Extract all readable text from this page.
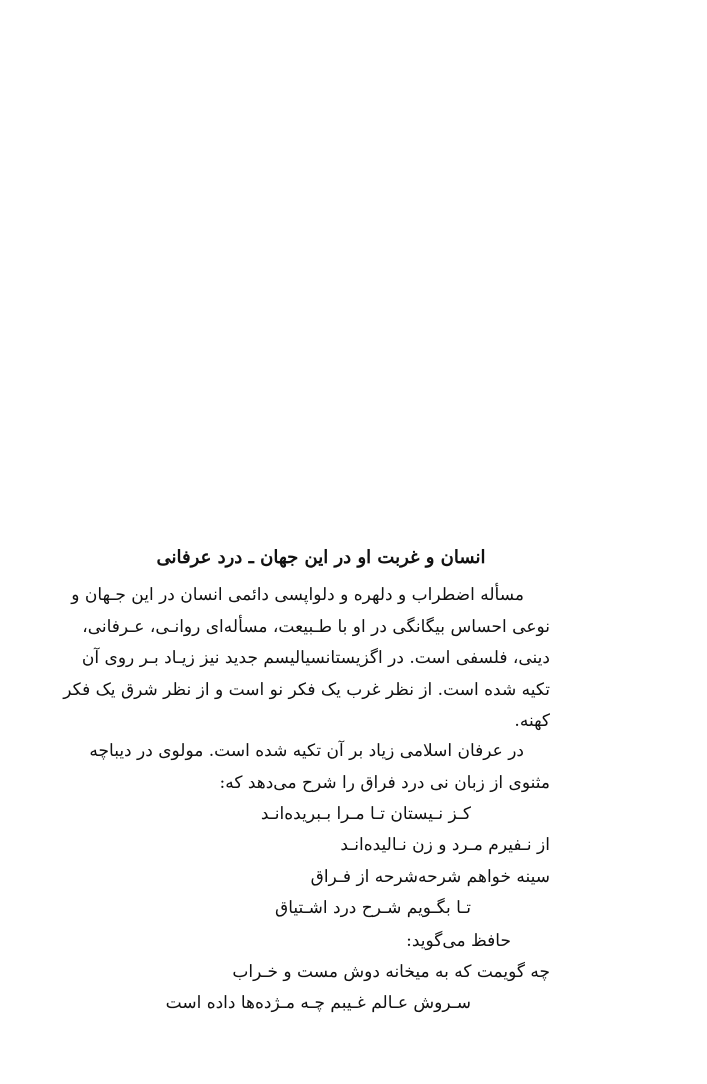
انسان و غربت او در این جهان ـ درد عرفانی
مسأله اضطراب و دلهره و دلواپسی دائمی انسان در این جـهان و
نوعی احساس بیگانگی در او با طـبیعت، مسأله‌ای روانـی، عـرفانی،
دینی، فلسفی است. در اگزیستانسیالیسم جدید نیز زیـاد بـر روی آن
تکیه شده است. از نظر غرب یک فکر نو است و از نظر شرق یک فکر
کهنه.
در عرفان اسلامی زیاد بر آن تکیه شده است. مولوی در دیباچه
مثنوی از زبان نی درد فراق را شرح می‌دهد که:

کـز نـیستان تـا مـرا بـبریده‌انـد

از نـفیرم مـرد و زن نـالیده‌انـد

سینه خواهم شرحه‌شرحه از فـراق

تـا بگـویم شـرح درد اشـتیاق

حافظ می‌گوید:

چه گویمت که به میخانه دوش مست و خـراب

سـروش عـالم غـیبم چـه مـژده‌ها داده است
